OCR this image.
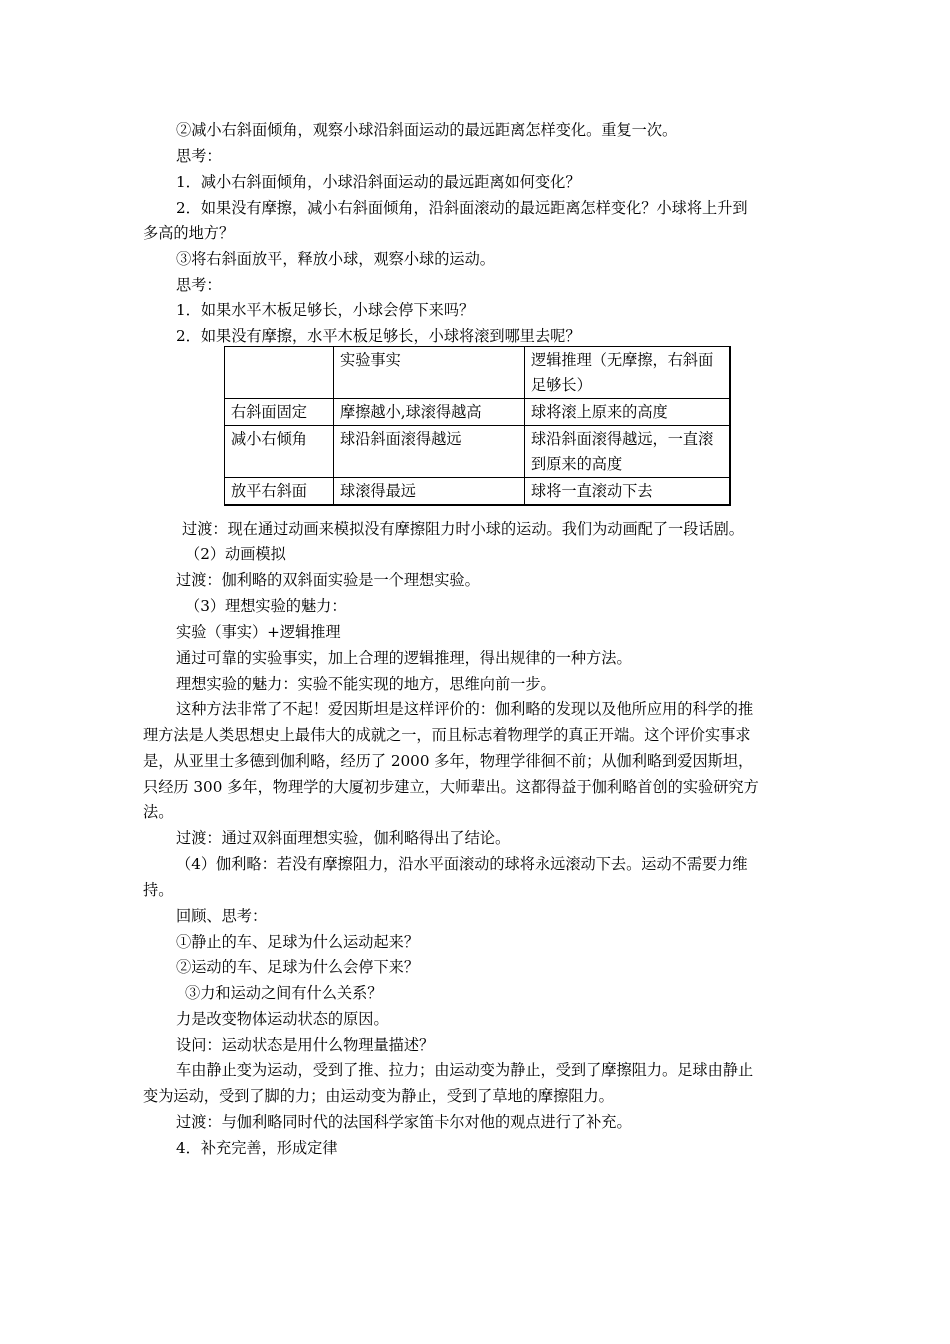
②减小右斜面倾角，观察小球沿斜面运动的最远距离怎样变化。重复一次。
思考：
1．减小右斜面倾角，小球沿斜面运动的最远距离如何变化？
2．如果没有摩擦，减小右斜面倾角，沿斜面滚动的最远距离怎样变化？小球将上升到
多高的地方？
③将右斜面放平，释放小球，观察小球的运动。
思考：
1．如果水平木板足够长，小球会停下来吗？
2．如果没有摩擦，水平木板足够长，小球将滚到哪里去呢？
	实验事实	逻辑推理（无摩擦，右斜面足够长）
右斜面固定	摩擦越小,球滚得越高	球将滚上原来的高度
减小右倾角	球沿斜面滚得越远	球沿斜面滚得越远，一直滚到原来的高度
放平右斜面	球滚得最远	球将一直滚动下去
过渡：现在通过动画来模拟没有摩擦阻力时小球的运动。我们为动画配了一段话剧。
（2）动画模拟
过渡：伽利略的双斜面实验是一个理想实验。
（3）理想实验的魅力：
实验（事实）+逻辑推理
通过可靠的实验事实，加上合理的逻辑推理，得出规律的一种方法。
理想实验的魅力：实验不能实现的地方，思维向前一步。
这种方法非常了不起！爱因斯坦是这样评价的：伽利略的发现以及他所应用的科学的推
理方法是人类思想史上最伟大的成就之一，而且标志着物理学的真正开端。这个评价实事求
是，从亚里士多德到伽利略，经历了 2000 多年，物理学徘徊不前；从伽利略到爱因斯坦，
只经历 300 多年，物理学的大厦初步建立，大师辈出。这都得益于伽利略首创的实验研究方
法。
过渡：通过双斜面理想实验，伽利略得出了结论。
（4）伽利略：若没有摩擦阻力，沿水平面滚动的球将永远滚动下去。运动不需要力维
持。
回顾、思考：
①静止的车、足球为什么运动起来？
②运动的车、足球为什么会停下来？
③力和运动之间有什么关系？
力是改变物体运动状态的原因。
设问：运动状态是用什么物理量描述？
车由静止变为运动，受到了推、拉力；由运动变为静止，受到了摩擦阻力。足球由静止
变为运动，受到了脚的力；由运动变为静止，受到了草地的摩擦阻力。
过渡：与伽利略同时代的法国科学家笛卡尔对他的观点进行了补充。
4．补充完善，形成定律
